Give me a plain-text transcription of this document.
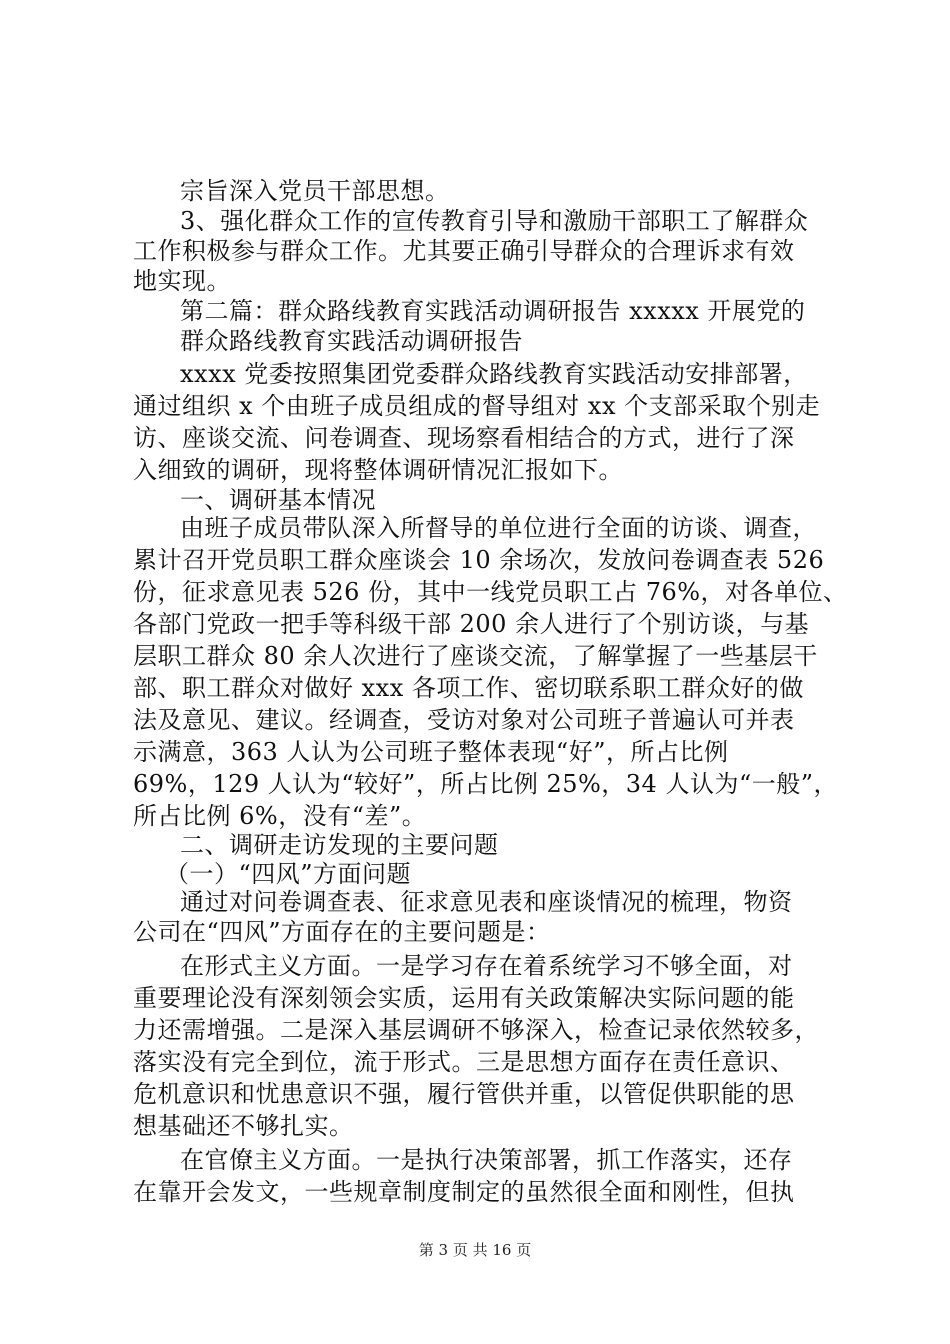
宗旨深入党员干部思想。
3、强化群众工作的宣传教育引导和激励干部职工了解群众
工作积极参与群众工作。尤其要正确引导群众的合理诉求有效
地实现。
第二篇：群众路线教育实践活动调研报告 xxxxx 开展党的
群众路线教育实践活动调研报告
xxxx 党委按照集团党委群众路线教育实践活动安排部署，
通过组织 x 个由班子成员组成的督导组对 xx 个支部采取个别走
访、座谈交流、问卷调查、现场察看相结合的方式，进行了深
入细致的调研，现将整体调研情况汇报如下。
一、调研基本情况
由班子成员带队深入所督导的单位进行全面的访谈、调查，
累计召开党员职工群众座谈会 10 余场次，发放问卷调查表 526
份，征求意见表 526 份，其中一线党员职工占 76%，对各单位、
各部门党政一把手等科级干部 200 余人进行了个别访谈，与基
层职工群众 80 余人次进行了座谈交流，了解掌握了一些基层干
部、职工群众对做好 xxx 各项工作、密切联系职工群众好的做
法及意见、建议。经调查，受访对象对公司班子普遍认可并表
示满意，363 人认为公司班子整体表现“好”，所占比例
69%，129 人认为“较好”，所占比例 25%，34 人认为“一般”，
所占比例 6%，没有“差”。
二、调研走访发现的主要问题
（一）“四风”方面问题
通过对问卷调查表、征求意见表和座谈情况的梳理，物资
公司在“四风”方面存在的主要问题是：
在形式主义方面。一是学习存在着系统学习不够全面，对
重要理论没有深刻领会实质，运用有关政策解决实际问题的能
力还需增强。二是深入基层调研不够深入，检查记录依然较多，
落实没有完全到位，流于形式。三是思想方面存在责任意识、
危机意识和忧患意识不强，履行管供并重，以管促供职能的思
想基础还不够扎实。
在官僚主义方面。一是执行决策部署，抓工作落实，还存
在靠开会发文，一些规章制度制定的虽然很全面和刚性，但执
第 3 页 共 16 页
